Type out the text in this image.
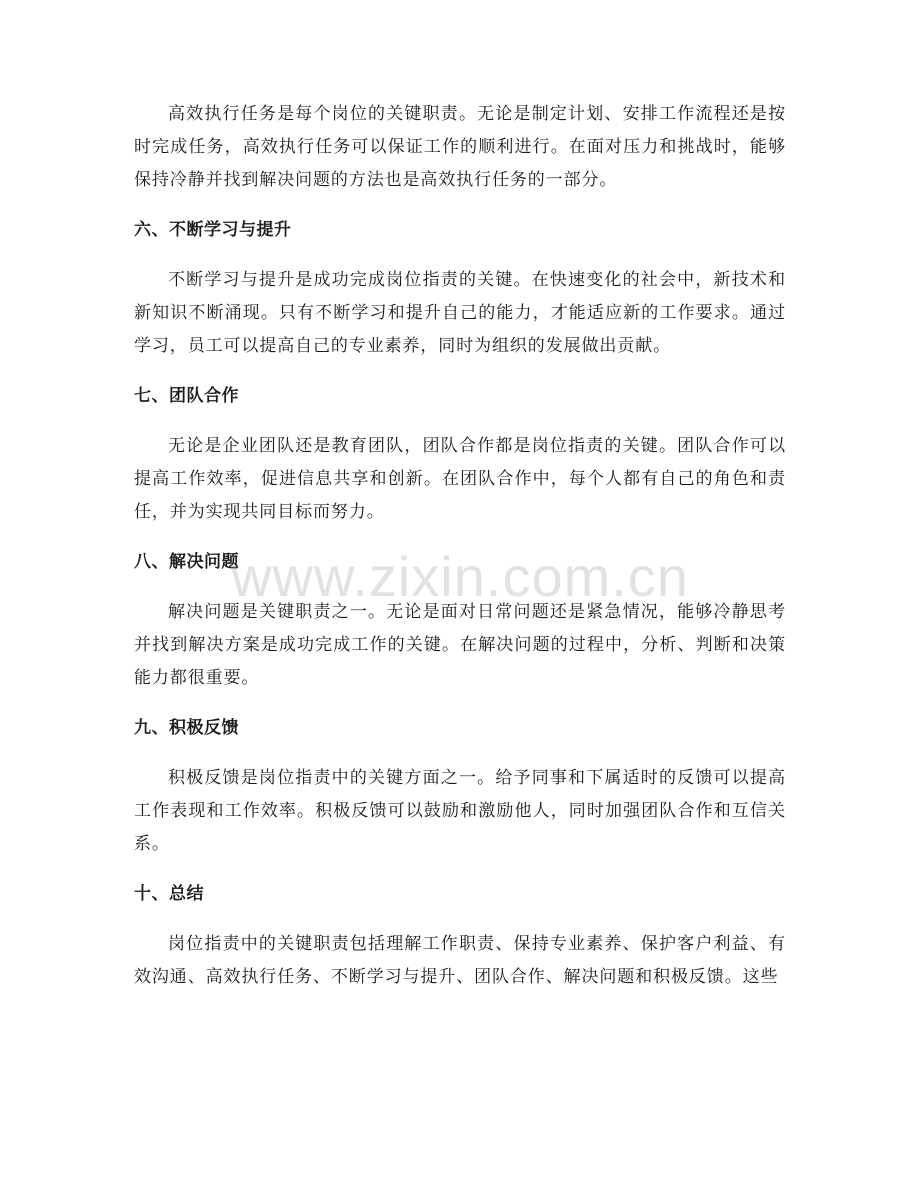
高效执行任务是每个岗位的关键职责。无论是制定计划、安排工作流程还是按时完成任务，高效执行任务可以保证工作的顺利进行。在面对压力和挑战时，能够保持冷静并找到解决问题的方法也是高效执行任务的一部分。

六、不断学习与提升

不断学习与提升是成功完成岗位指责的关键。在快速变化的社会中，新技术和新知识不断涌现。只有不断学习和提升自己的能力，才能适应新的工作要求。通过学习，员工可以提高自己的专业素养，同时为组织的发展做出贡献。

七、团队合作

无论是企业团队还是教育团队，团队合作都是岗位指责的关键。团队合作可以提高工作效率，促进信息共享和创新。在团队合作中，每个人都有自己的角色和责任，并为实现共同目标而努力。

八、解决问题

解决问题是关键职责之一。无论是面对日常问题还是紧急情况，能够冷静思考并找到解决方案是成功完成工作的关键。在解决问题的过程中，分析、判断和决策能力都很重要。

九、积极反馈

积极反馈是岗位指责中的关键方面之一。给予同事和下属适时的反馈可以提高工作表现和工作效率。积极反馈可以鼓励和激励他人，同时加强团队合作和互信关系。

十、总结

岗位指责中的关键职责包括理解工作职责、保持专业素养、保护客户利益、有效沟通、高效执行任务、不断学习与提升、团队合作、解决问题和积极反馈。这些

www.zixin.com.cn
